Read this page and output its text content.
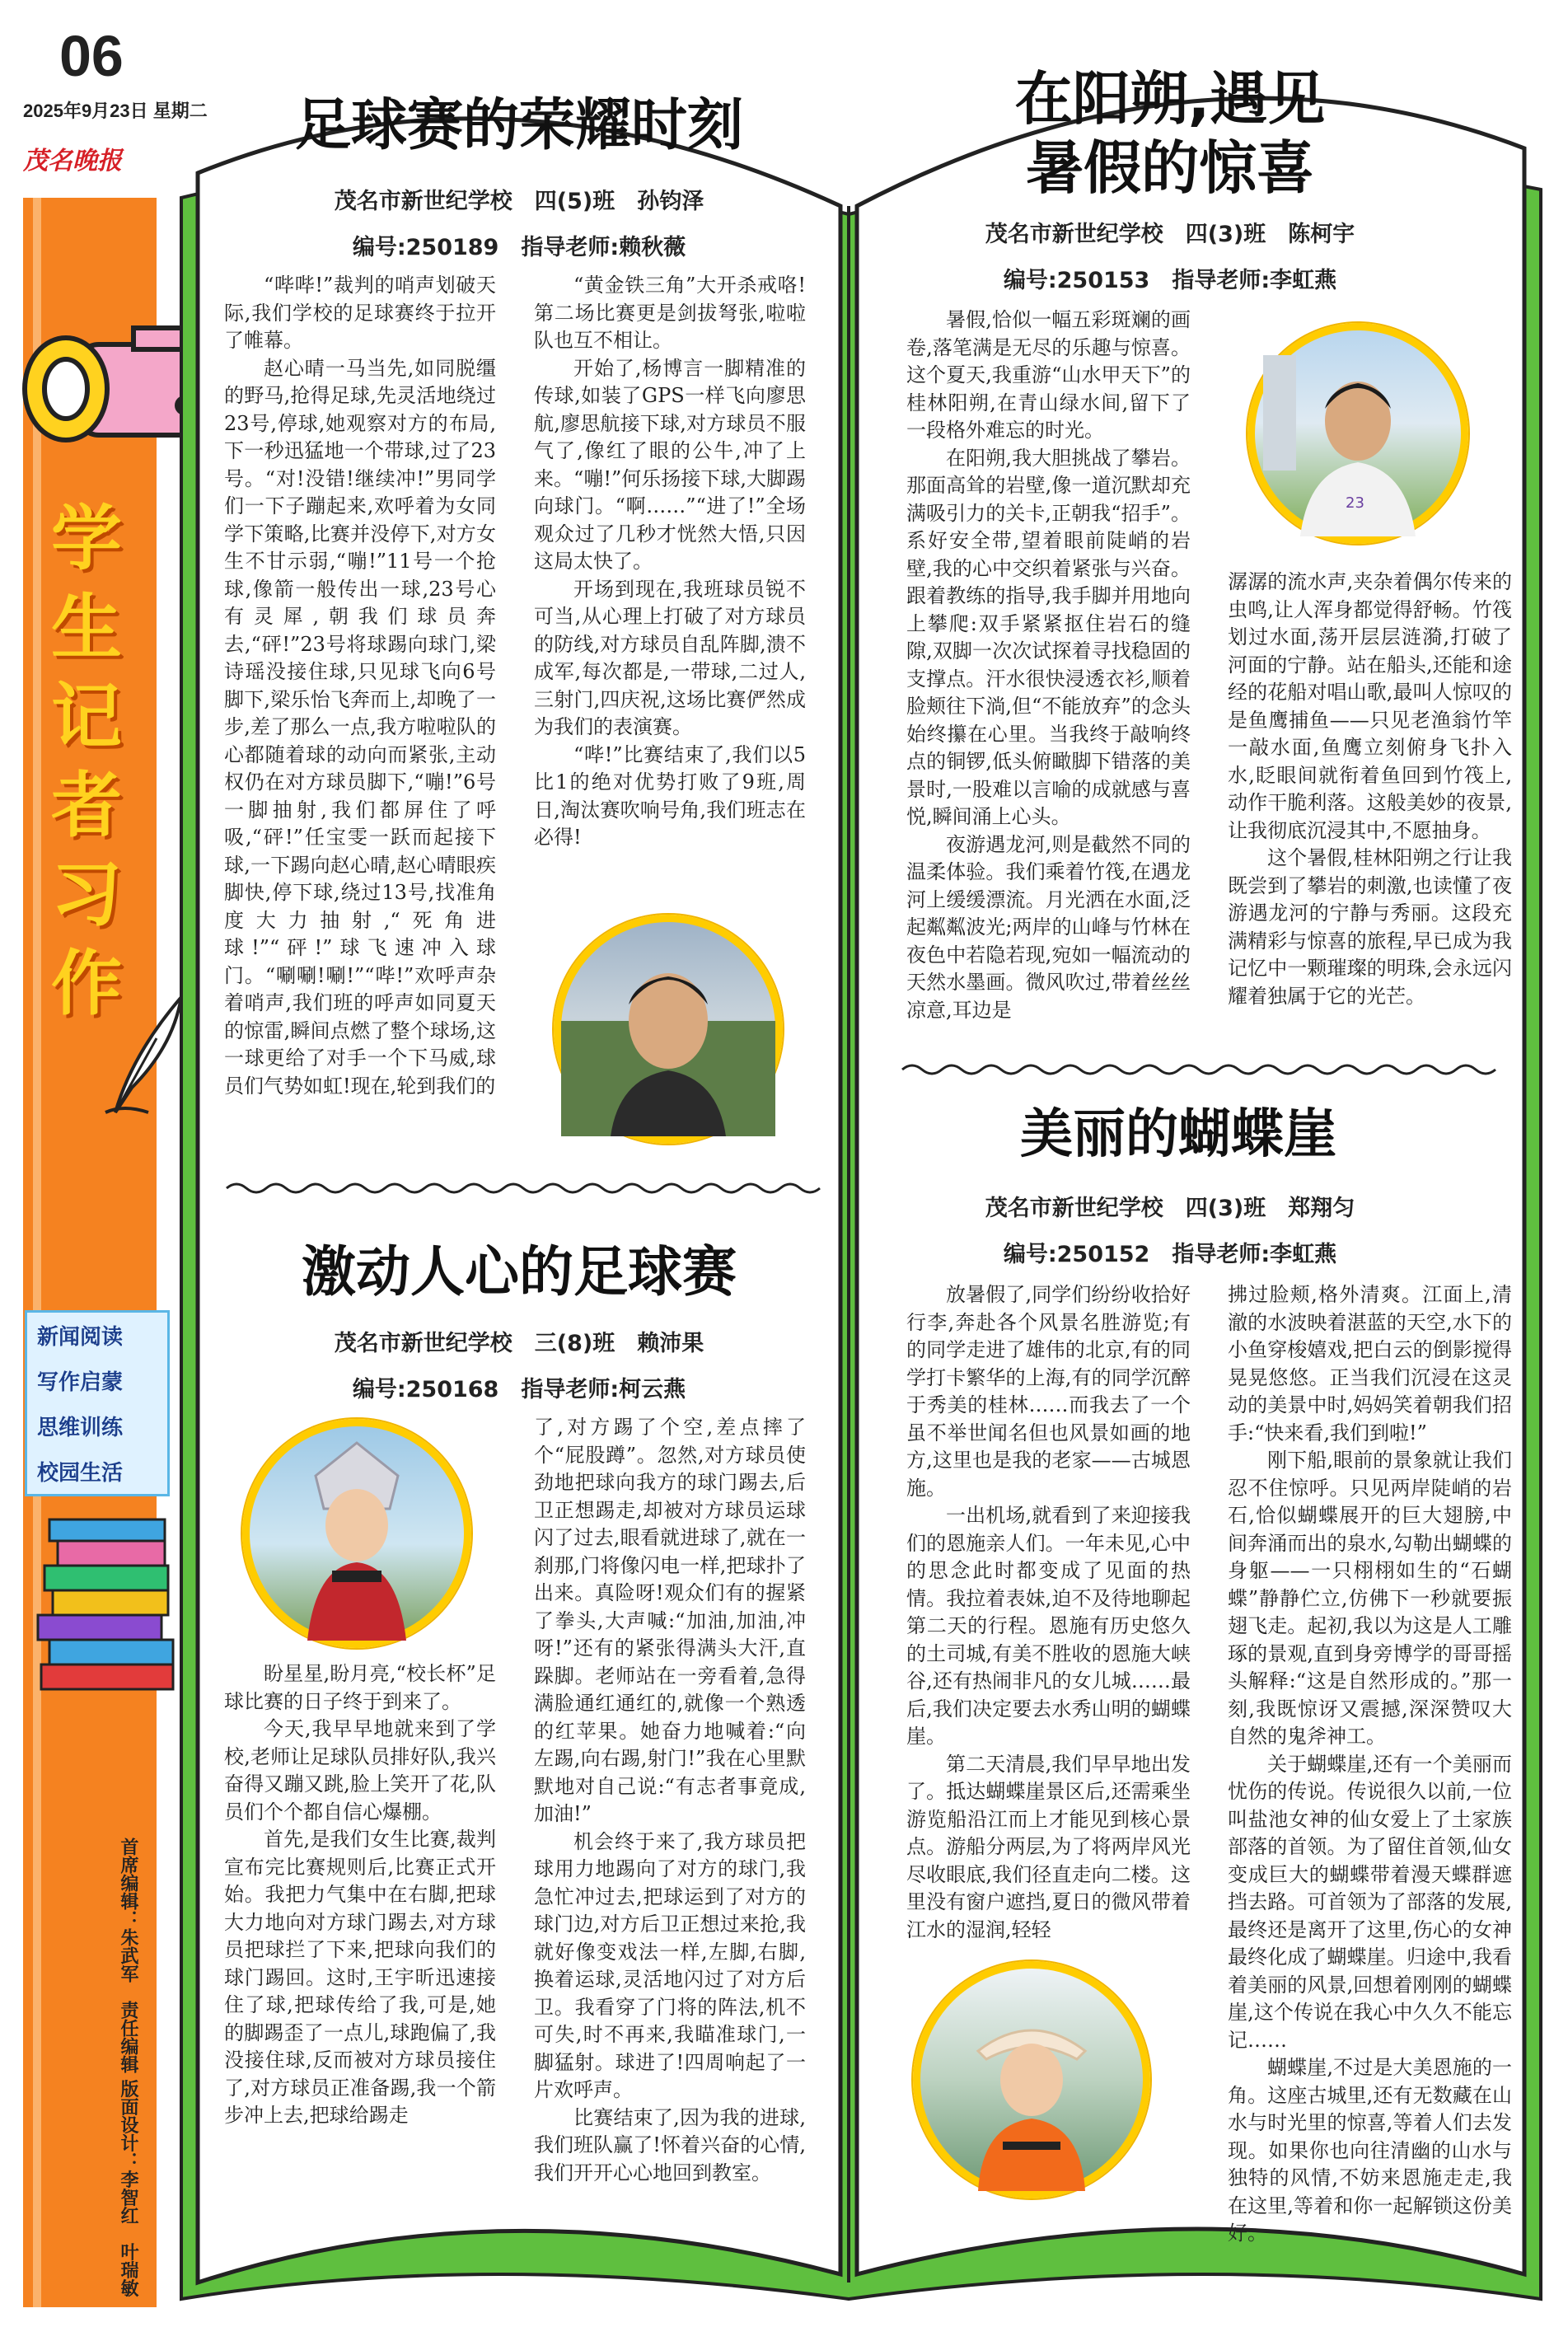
06
2025年9月23日 星期二
茂名晚报
学
生
记
者
习
作
新闻阅读
写作启蒙
思维训练
校园生活
首席编辑：朱武军　责任编辑 版面设计：李智红　叶瑞敏
足球赛的荣耀时刻
茂名市新世纪学校　四(5)班　孙钧泽
编号:250189　指导老师:赖秋薇

“哔哔!”裁判的哨声划破天际,我们学校的足球赛终于拉开了帷幕。

赵心晴一马当先,如同脱缰的野马,抢得足球,先灵活地绕过23号,停球,她观察对方的布局,下一秒迅猛地一个带球,过了23号。“对!没错!继续冲!”男同学们一下子蹦起来,欢呼着为女同学下策略,比赛并没停下,对方女生不甘示弱,“嘣!”11号一个抢球,像箭一般传出一球,23号心有灵犀,朝我们球员奔去,“砰!”23号将球踢向球门,梁诗瑶没接住球,只见球飞向6号脚下,梁乐怡飞奔而上,却晚了一步,差了那么一点,我方啦啦队的心都随着球的动向而紧张,主动权仍在对方球员脚下,“嘣!”6号一脚抽射,我们都屏住了呼吸,“砰!”任宝雯一跃而起接下球,一下踢向赵心晴,赵心晴眼疾脚快,停下球,绕过13号,找准角度大力抽射,“死角进球!”“砰!”球飞速冲入球门。“唰唰!唰!”“哔!”欢呼声杂着哨声,我们班的呼声如同夏天的惊雷,瞬间点燃了整个球场,这一球更给了对手一个下马威,球员们气势如虹!现在,轮到我们的

“黄金铁三角”大开杀戒咯!第二场比赛更是剑拔弩张,啦啦队也互不相让。

开始了,杨博言一脚精准的传球,如装了GPS一样飞向廖思航,廖思航接下球,对方球员不服气了,像红了眼的公牛,冲了上来。“嘣!”何乐扬接下球,大脚踢向球门。“啊……”“进了!”全场观众过了几秒才恍然大悟,只因这局太快了。

开场到现在,我班球员锐不可当,从心理上打破了对方球员的防线,对方球员自乱阵脚,溃不成军,每次都是,一带球,二过人,三射门,四庆祝,这场比赛俨然成为我们的表演赛。

“哔!”比赛结束了,我们以5比1的绝对优势打败了9班,周日,淘汰赛吹响号角,我们班志在必得!

激动人心的足球赛
茂名市新世纪学校　三(8)班　赖沛果
编号:250168　指导老师:柯云燕

盼星星,盼月亮,“校长杯”足球比赛的日子终于到来了。

今天,我早早地就来到了学校,老师让足球队员排好队,我兴奋得又蹦又跳,脸上笑开了花,队员们个个都自信心爆棚。

首先,是我们女生比赛,裁判宣布完比赛规则后,比赛正式开始。我把力气集中在右脚,把球大力地向对方球门踢去,对方球员把球拦了下来,把球向我们的球门踢回。这时,王宇昕迅速接住了球,把球传给了我,可是,她的脚踢歪了一点儿,球跑偏了,我没接住球,反而被对方球员接住了,对方球员正准备踢,我一个箭步冲上去,把球给踢走

了,对方踢了个空,差点摔了个“屁股蹲”。忽然,对方球员使劲地把球向我方的球门踢去,后卫正想踢走,却被对方球员运球闪了过去,眼看就进球了,就在一刹那,门将像闪电一样,把球扑了出来。真险呀!观众们有的握紧了拳头,大声喊:“加油,加油,冲呀!”还有的紧张得满头大汗,直跺脚。老师站在一旁看着,急得满脸通红通红的,就像一个熟透的红苹果。她奋力地喊着:“向左踢,向右踢,射门!”我在心里默默地对自己说:“有志者事竟成,加油!”

机会终于来了,我方球员把球用力地踢向了对方的球门,我急忙冲过去,把球运到了对方的球门边,对方后卫正想过来抢,我就好像变戏法一样,左脚,右脚,换着运球,灵活地闪过了对方后卫。我看穿了门将的阵法,机不可失,时不再来,我瞄准球门,一脚猛射。球进了!四周响起了一片欢呼声。

比赛结束了,因为我的进球,我们班队赢了!怀着兴奋的心情,我们开开心心地回到教室。

在阳朔,遇见
暑假的惊喜
茂名市新世纪学校　四(3)班　陈柯宇
编号:250153　指导老师:李虹燕

暑假,恰似一幅五彩斑斓的画卷,落笔满是无尽的乐趣与惊喜。这个夏天,我重游“山水甲天下”的桂林阳朔,在青山绿水间,留下了一段格外难忘的时光。

在阳朔,我大胆挑战了攀岩。那面高耸的岩壁,像一道沉默却充满吸引力的关卡,正朝我“招手”。系好安全带,望着眼前陡峭的岩壁,我的心中交织着紧张与兴奋。跟着教练的指导,我手脚并用地向上攀爬:双手紧紧抠住岩石的缝隙,双脚一次次试探着寻找稳固的支撑点。汗水很快浸透衣衫,顺着脸颊往下淌,但“不能放弃”的念头始终攥在心里。当我终于敲响终点的铜锣,低头俯瞰脚下错落的美景时,一股难以言喻的成就感与喜悦,瞬间涌上心头。

夜游遇龙河,则是截然不同的温柔体验。我们乘着竹筏,在遇龙河上缓缓漂流。月光洒在水面,泛起粼粼波光;两岸的山峰与竹林在夜色中若隐若现,宛如一幅流动的天然水墨画。微风吹过,带着丝丝凉意,耳边是

23

潺潺的流水声,夹杂着偶尔传来的虫鸣,让人浑身都觉得舒畅。竹筏划过水面,荡开层层涟漪,打破了河面的宁静。站在船头,还能和途经的花船对唱山歌,最叫人惊叹的是鱼鹰捕鱼——只见老渔翁竹竿一敲水面,鱼鹰立刻俯身飞扑入水,眨眼间就衔着鱼回到竹筏上,动作干脆利落。这般美妙的夜景,让我彻底沉浸其中,不愿抽身。

这个暑假,桂林阳朔之行让我既尝到了攀岩的刺激,也读懂了夜游遇龙河的宁静与秀丽。这段充满精彩与惊喜的旅程,早已成为我记忆中一颗璀璨的明珠,会永远闪耀着独属于它的光芒。

美丽的蝴蝶崖
茂名市新世纪学校　四(3)班　郑翔匀
编号:250152　指导老师:李虹燕

放暑假了,同学们纷纷收拾好行李,奔赴各个风景名胜游览;有的同学走进了雄伟的北京,有的同学打卡繁华的上海,有的同学沉醉于秀美的桂林……而我去了一个虽不举世闻名但也风景如画的地方,这里也是我的老家——古城恩施。

一出机场,就看到了来迎接我们的恩施亲人们。一年未见,心中的思念此时都变成了见面的热情。我拉着表妹,迫不及待地聊起第二天的行程。恩施有历史悠久的土司城,有美不胜收的恩施大峡谷,还有热闹非凡的女儿城……最后,我们决定要去水秀山明的蝴蝶崖。

第二天清晨,我们早早地出发了。抵达蝴蝶崖景区后,还需乘坐游览船沿江而上才能见到核心景点。游船分两层,为了将两岸风光尽收眼底,我们径直走向二楼。这里没有窗户遮挡,夏日的微风带着江水的湿润,轻轻

拂过脸颊,格外清爽。江面上,清澈的水波映着湛蓝的天空,水下的小鱼穿梭嬉戏,把白云的倒影搅得晃晃悠悠。正当我们沉浸在这灵动的美景中时,妈妈笑着朝我们招手:“快来看,我们到啦!”

刚下船,眼前的景象就让我们忍不住惊呼。只见两岸陡峭的岩石,恰似蝴蝶展开的巨大翅膀,中间奔涌而出的泉水,勾勒出蝴蝶的身躯——一只栩栩如生的“石蝴蝶”静静伫立,仿佛下一秒就要振翅飞走。起初,我以为这是人工雕琢的景观,直到身旁博学的哥哥摇头解释:“这是自然形成的。”那一刻,我既惊讶又震撼,深深赞叹大自然的鬼斧神工。

关于蝴蝶崖,还有一个美丽而忧伤的传说。传说很久以前,一位叫盐池女神的仙女爱上了土家族部落的首领。为了留住首领,仙女变成巨大的蝴蝶带着漫天蝶群遮挡去路。可首领为了部落的发展,最终还是离开了这里,伤心的女神最终化成了蝴蝶崖。归途中,我看着美丽的风景,回想着刚刚的蝴蝶崖,这个传说在我心中久久不能忘记……

蝴蝶崖,不过是大美恩施的一角。这座古城里,还有无数藏在山水与时光里的惊喜,等着人们去发现。如果你也向往清幽的山水与独特的风情,不妨来恩施走走,我在这里,等着和你一起解锁这份美好。
